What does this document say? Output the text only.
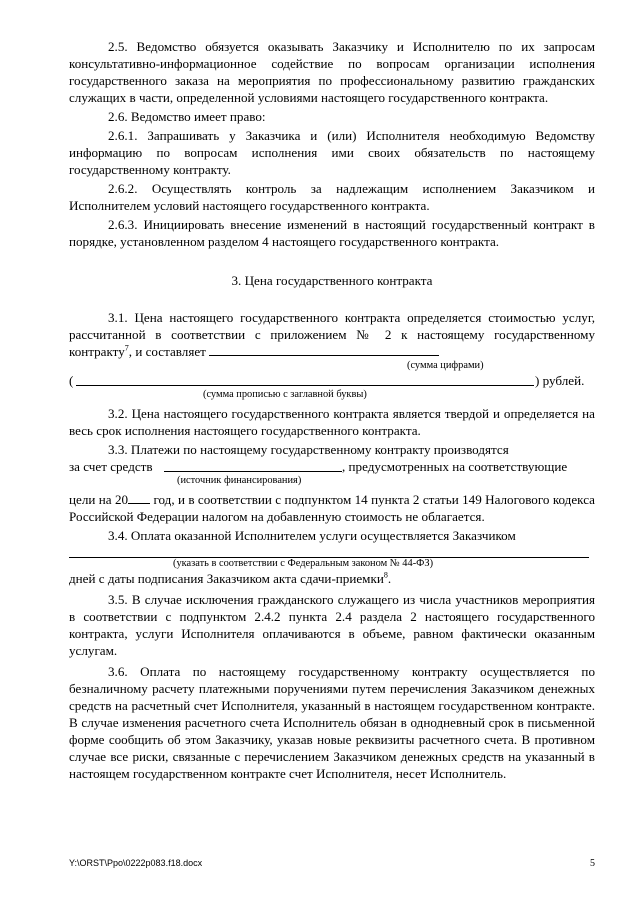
2.5. Ведомство обязуется оказывать Заказчику и Исполнителю по их запросам консультативно-информационное содействие по вопросам организации исполнения государственного заказа на мероприятия по профессиональному развитию гражданских служащих в части, определенной условиями настоящего государственного контракта.

2.6. Ведомство имеет право:

2.6.1. Запрашивать у Заказчика и (или) Исполнителя необходимую Ведомству информацию по вопросам исполнения ими своих обязательств по настоящему государственному контракту.

2.6.2. Осуществлять контроль за надлежащим исполнением Заказчиком и Исполнителем условий настоящего государственного контракта.

2.6.3. Инициировать внесение изменений в настоящий государственный контракт в порядке, установленном разделом 4 настоящего государственного контракта.

3. Цена государственного контракта

3.1. Цена настоящего государственного контракта определяется стоимостью услуг, рассчитанной в соответствии с приложением № 2 к настоящему государственному контракту$^7$, и составляет

(сумма цифрами)
(	) рублей.
(сумма прописью с заглавной буквы)

3.2. Цена настоящего государственного контракта является твердой и определяется на весь срок исполнения настоящего государственного контракта.

3.3. Платежи по настоящему государственному контракту производятся

за счет средств	, предусмотренных на соответствующие
(источник финансирования)

цели на 20 год, и в соответствии с подпунктом 14 пункта 2 статьи 149 Налогового кодекса Российской Федерации налогом на добавленную стоимость не облагается.

3.4. Оплата оказанной Исполнителем услуги осуществляется Заказчиком

(указать в соответствии с Федеральным законом № 44-ФЗ)

дней с даты подписания Заказчиком акта сдачи-приемки$^8$.

3.5. В случае исключения гражданского служащего из числа участников мероприятия в соответствии с подпунктом 2.4.2 пункта 2.4 раздела 2 настоящего государственного контракта, услуги Исполнителя оплачиваются в объеме, равном фактически оказанным услугам.

3.6. Оплата по настоящему государственному контракту осуществляется по безналичному расчету платежными поручениями путем перечисления Заказчиком денежных средств на расчетный счет Исполнителя, указанный в настоящем государственном контракте. В случае изменения расчетного счета Исполнитель обязан в однодневный срок в письменной форме сообщить об этом Заказчику, указав новые реквизиты расчетного счета. В противном случае все риски, связанные с перечислением Заказчиком денежных средств на указанный в настоящем государственном контракте счет Исполнителя, несет Исполнитель.

Y:\ORST\Ppo\0222p083.f18.docx	5
